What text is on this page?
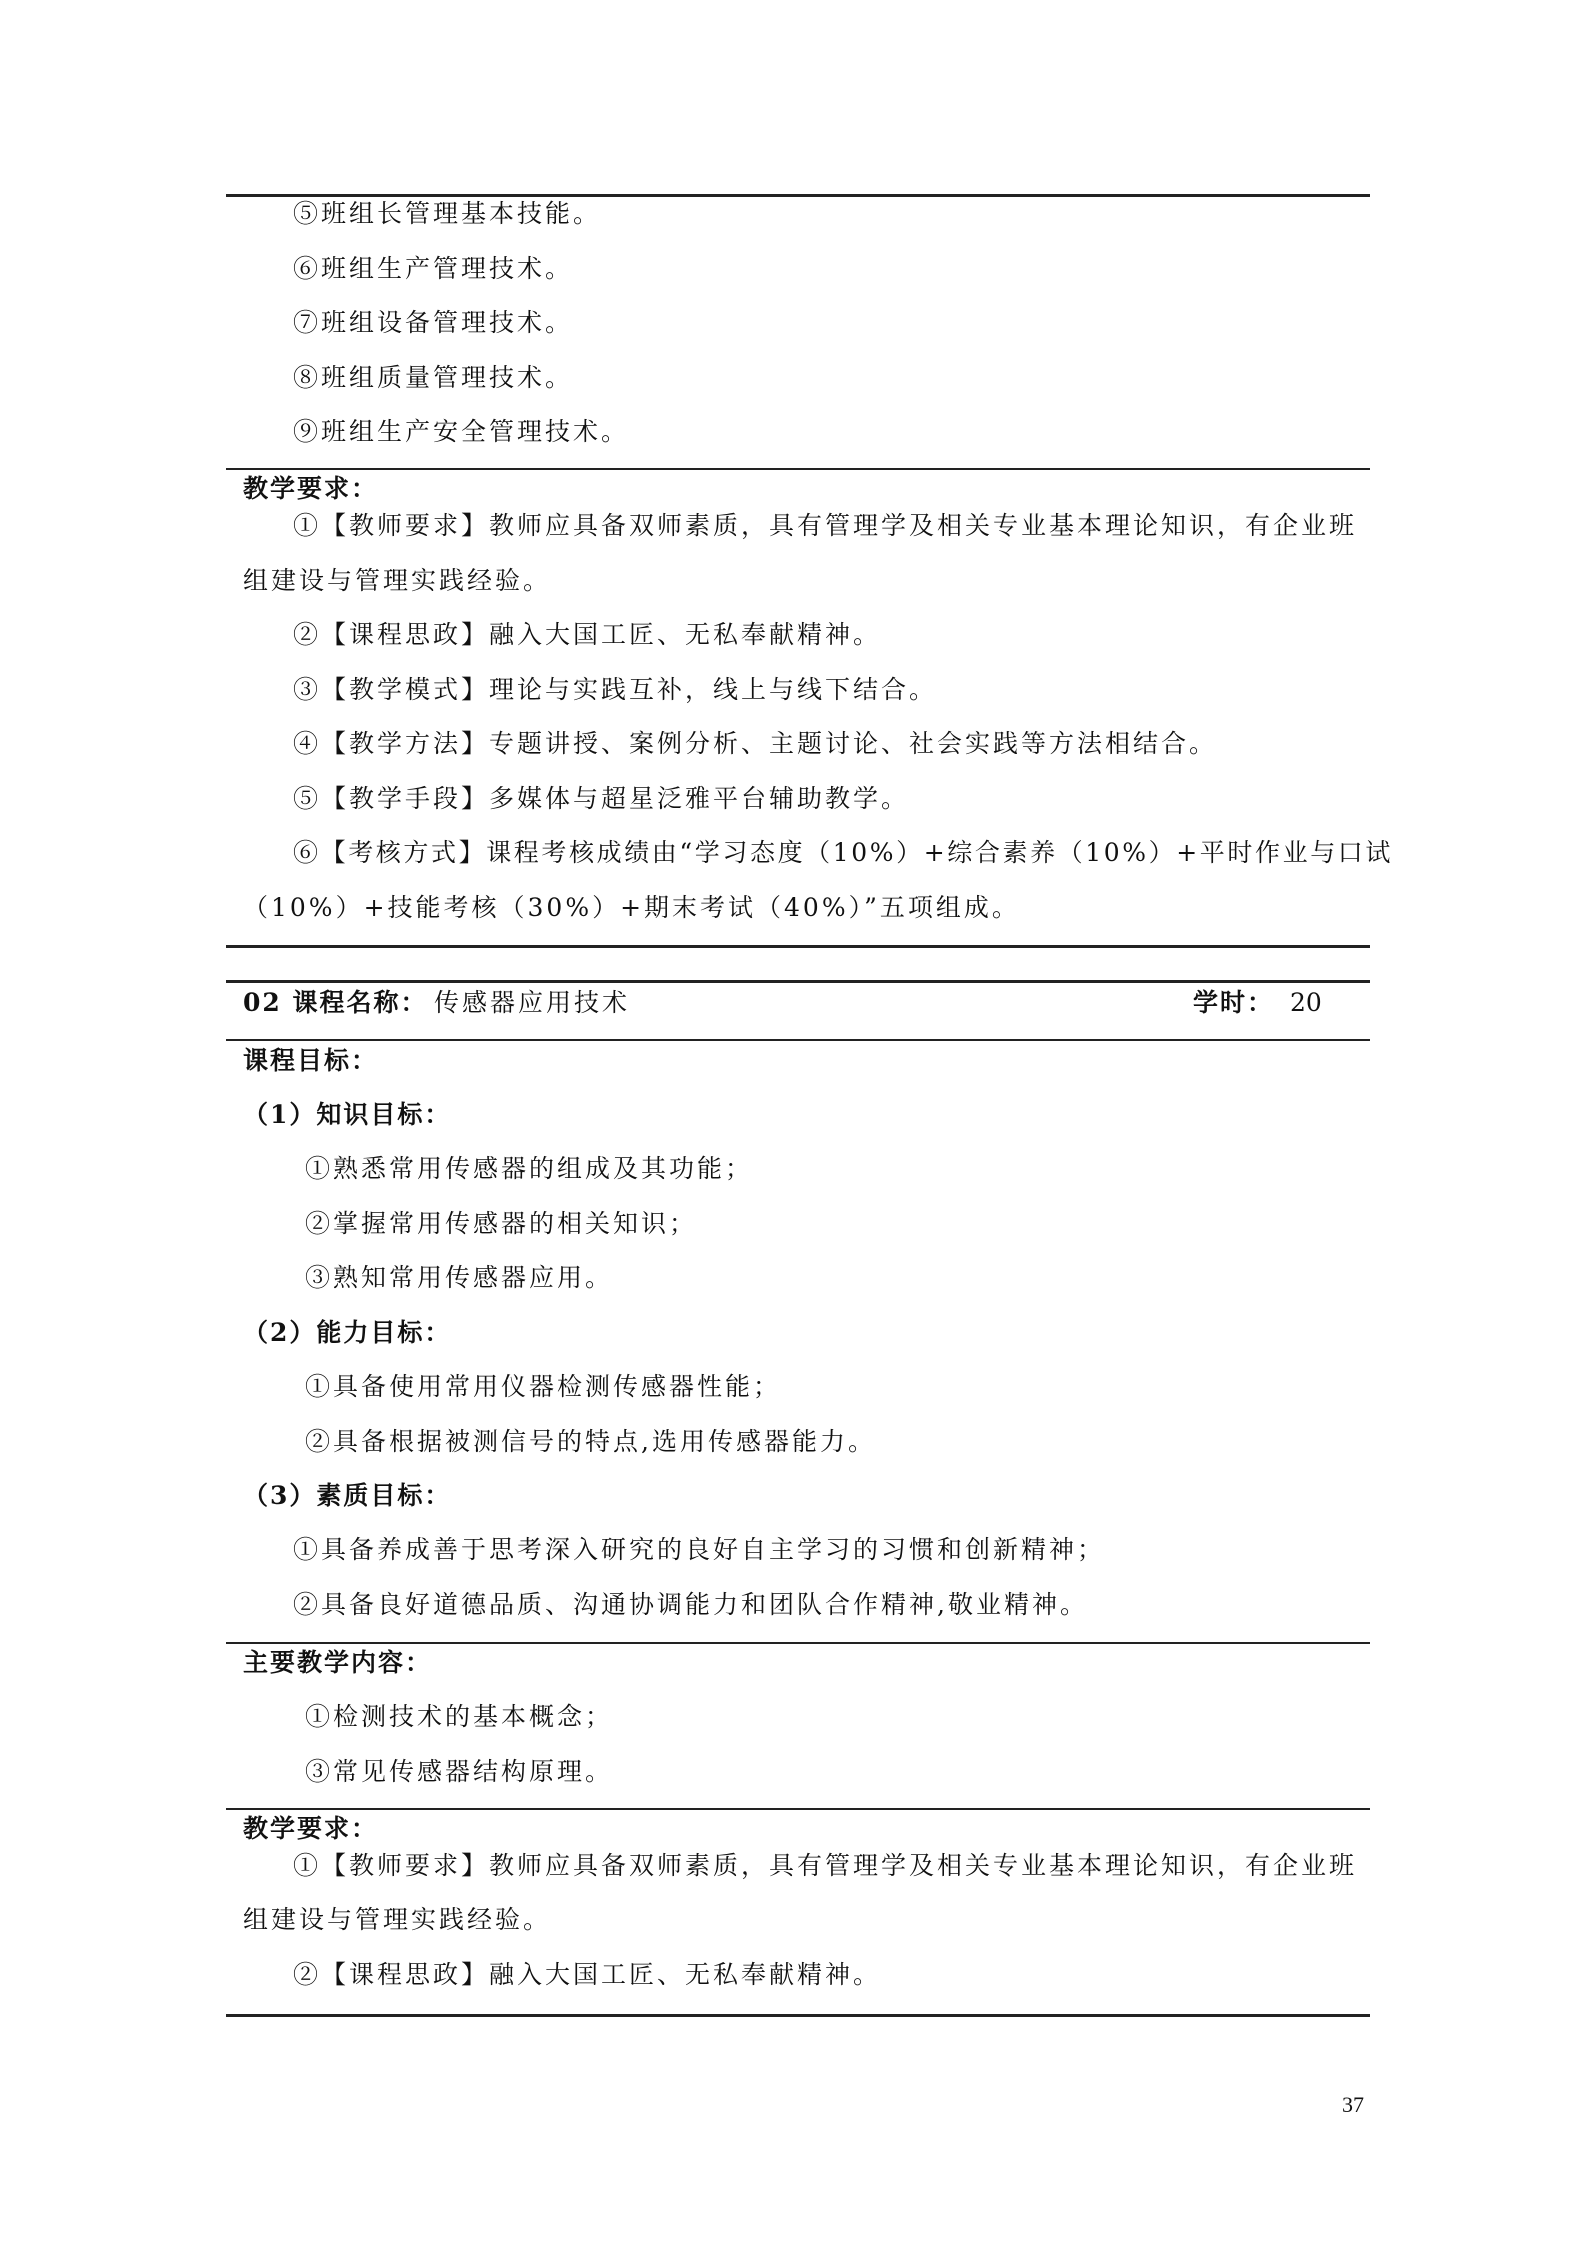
⑤班组长管理基本技能。
⑥班组生产管理技术。
⑦班组设备管理技术。
⑧班组质量管理技术。
⑨班组生产安全管理技术。
教学要求：
①【教师要求】教师应具备双师素质，具有管理学及相关专业基本理论知识，有企业班
组建设与管理实践经验。
②【课程思政】融入大国工匠、无私奉献精神。
③【教学模式】理论与实践互补，线上与线下结合。
④【教学方法】专题讲授、案例分析、主题讨论、社会实践等方法相结合。
⑤【教学手段】多媒体与超星泛雅平台辅助教学。
⑥【考核方式】课程考核成绩由“学习态度（10%）+综合素养（10%）+平时作业与口试
（10%）+技能考核（30%）+期末考试（40%）”五项组成。
02 课程名称： 传感器应用技术	学时： 20
课程目标：
（1）知识目标：
①熟悉常用传感器的组成及其功能；
②掌握常用传感器的相关知识；
③熟知常用传感器应用。
（2）能力目标：
①具备使用常用仪器检测传感器性能；
②具备根据被测信号的特点,选用传感器能力。
（3）素质目标：
①具备养成善于思考深入研究的良好自主学习的习惯和创新精神；
②具备良好道德品质、沟通协调能力和团队合作精神,敬业精神。
主要教学内容：
①检测技术的基本概念；
③常见传感器结构原理。
教学要求：
①【教师要求】教师应具备双师素质，具有管理学及相关专业基本理论知识，有企业班
组建设与管理实践经验。
②【课程思政】融入大国工匠、无私奉献精神。
37
